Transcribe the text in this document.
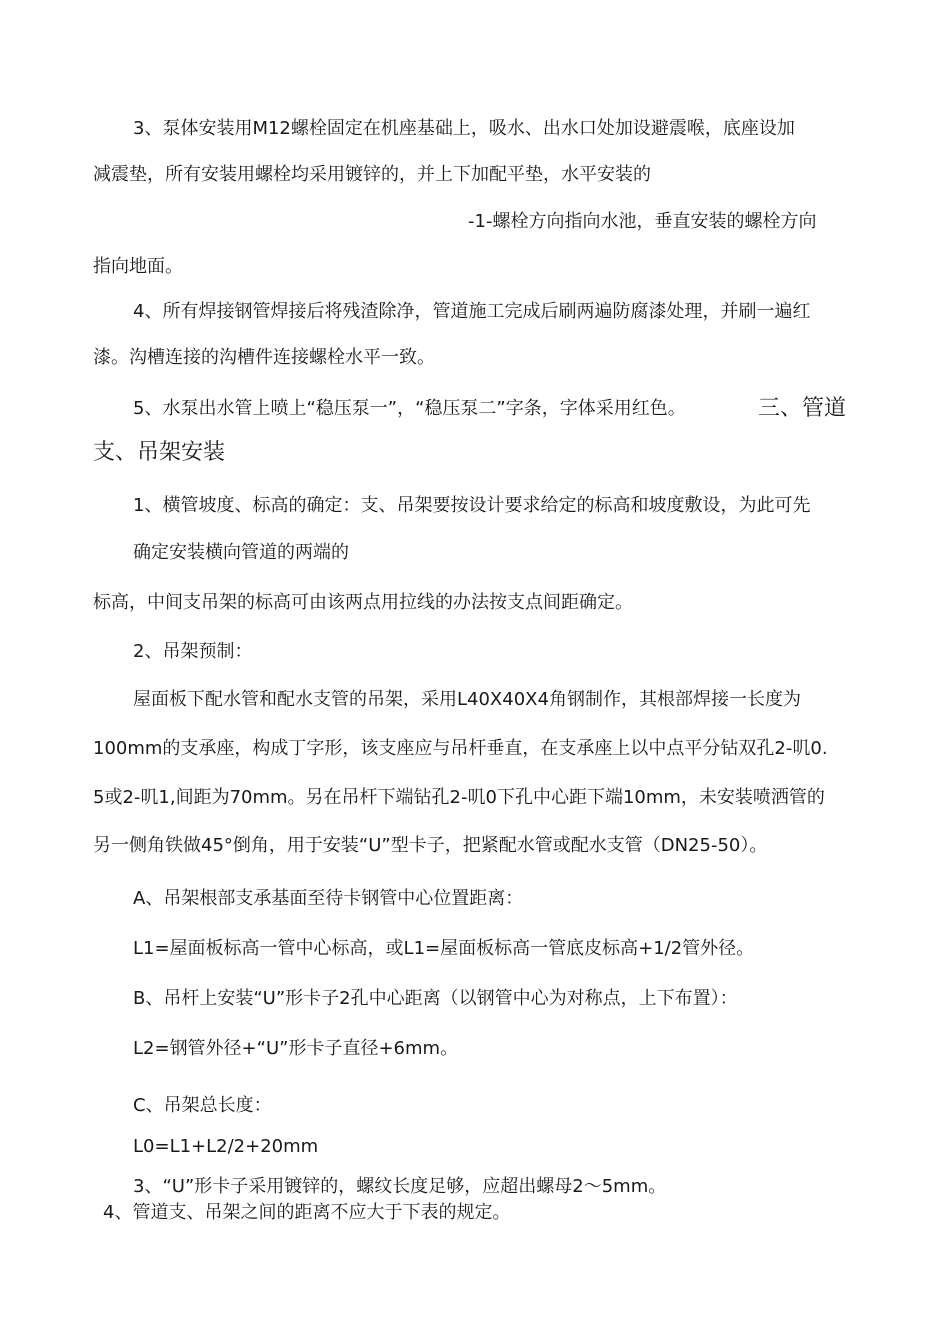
3、泵体安装用M12螺栓固定在机座基础上，吸水、出水口处加设避震喉，底座设加
减震垫，所有安装用螺栓均采用镀锌的，并上下加配平垫，水平安装的
-1-螺栓方向指向水池，垂直安装的螺栓方向
指向地面。
4、所有焊接钢管焊接后将残渣除净，管道施工完成后刷两遍防腐漆处理，并刷一遍红
漆。沟槽连接的沟槽件连接螺栓水平一致。
5、水泵出水管上喷上“稳压泵一”，“稳压泵二”字条，字体采用红色。	三、管道
支、吊架安装
1、横管坡度、标高的确定：支、吊架要按设计要求给定的标高和坡度敷设，为此可先
确定安装横向管道的两端的
标高，中间支吊架的标高可由该两点用拉线的办法按支点间距确定。
2、吊架预制：
屋面板下配水管和配水支管的吊架，采用L40X40X4角钢制作，其根部焊接一长度为
100mm的支承座，构成丁字形，该支座应与吊杆垂直，在支承座上以中点平分钻双孔2-叽0.
5或2-叽1,间距为70mm。另在吊杆下端钻孔2-叽0下孔中心距下端10mm，未安装喷洒管的
另一侧角铁做45°倒角，用于安装“U”型卡子，把紧配水管或配水支管（DN25-50）。
A、吊架根部支承基面至待卡钢管中心位置距离：
L1=屋面板标高一管中心标高，或L1=屋面板标高一管底皮标高+1/2管外径。
B、吊杆上安装“U”形卡子2孔中心距离（以钢管中心为对称点，上下布置）：
L2=钢管外径+“U”形卡子直径+6mm。
C、吊架总长度：
L0=L1+L2/2+20mm
3、“U”形卡子采用镀锌的，螺纹长度足够，应超出螺母2〜5mm。
4、管道支、吊架之间的距离不应大于下表的规定。
